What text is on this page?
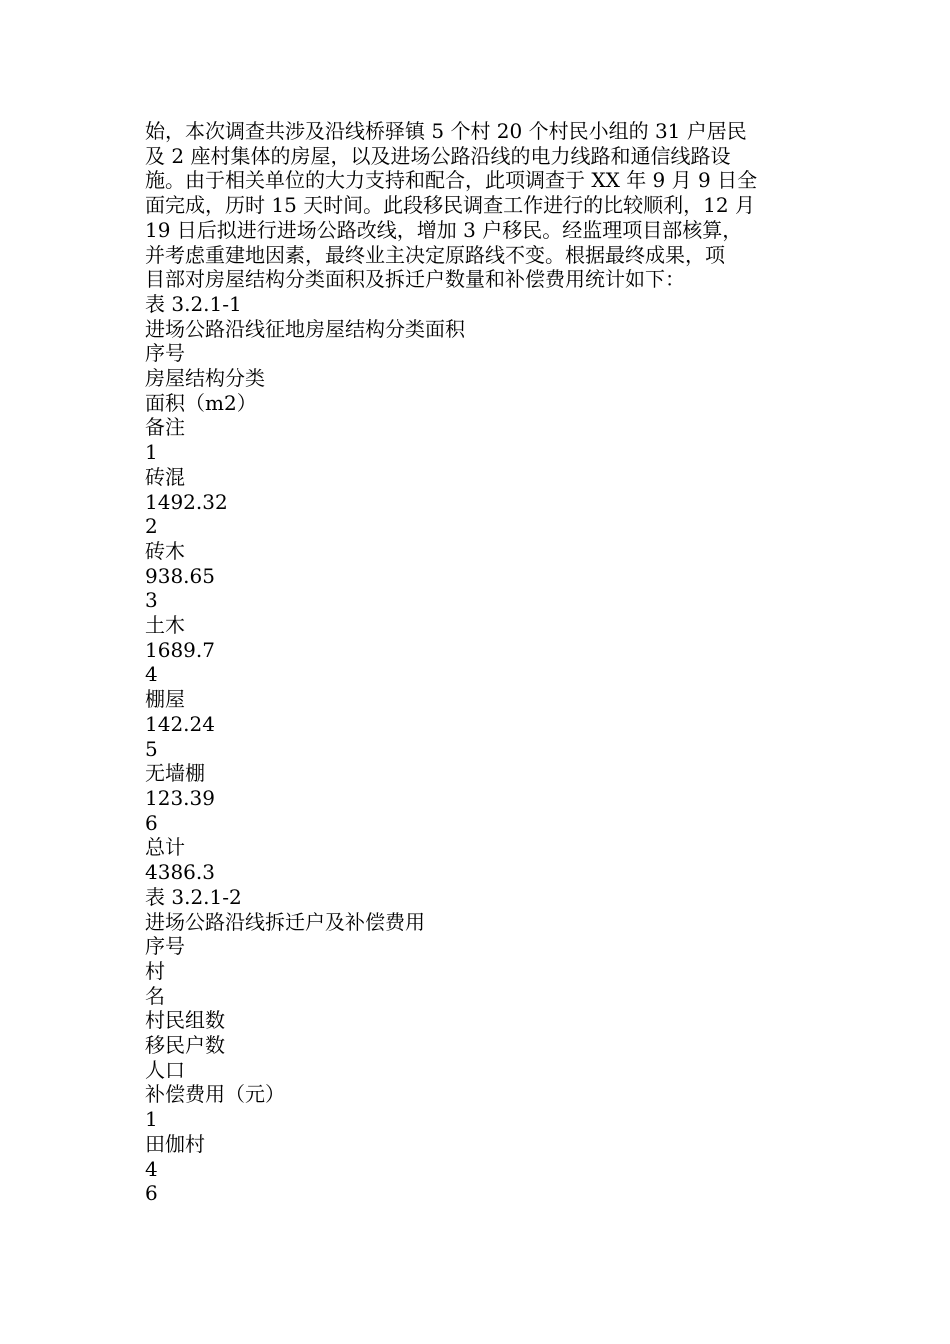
始，本次调查共涉及沿线桥驿镇 5 个村 20 个村民小组的 31 户居民
及 2 座村集体的房屋，以及进场公路沿线的电力线路和通信线路设
施。由于相关单位的大力支持和配合，此项调查于 XX 年 9 月 9 日全
面完成，历时 15 天时间。此段移民调查工作进行的比较顺利，12 月
19 日后拟进行进场公路改线，增加 3 户移民。经监理项目部核算，
并考虑重建地因素，最终业主决定原路线不变。根据最终成果，项
目部对房屋结构分类面积及拆迁户数量和补偿费用统计如下：
表 3.2.1-1
进场公路沿线征地房屋结构分类面积
序号
房屋结构分类
面积（m2）
备注
1
砖混
1492.32
2
砖木
938.65
3
土木
1689.7
4
棚屋
142.24
5
无墙棚
123.39
6
总计
4386.3
表 3.2.1-2
进场公路沿线拆迁户及补偿费用
序号
村
名
村民组数
移民户数
人口
补偿费用（元）
1
田伽村
4
6
